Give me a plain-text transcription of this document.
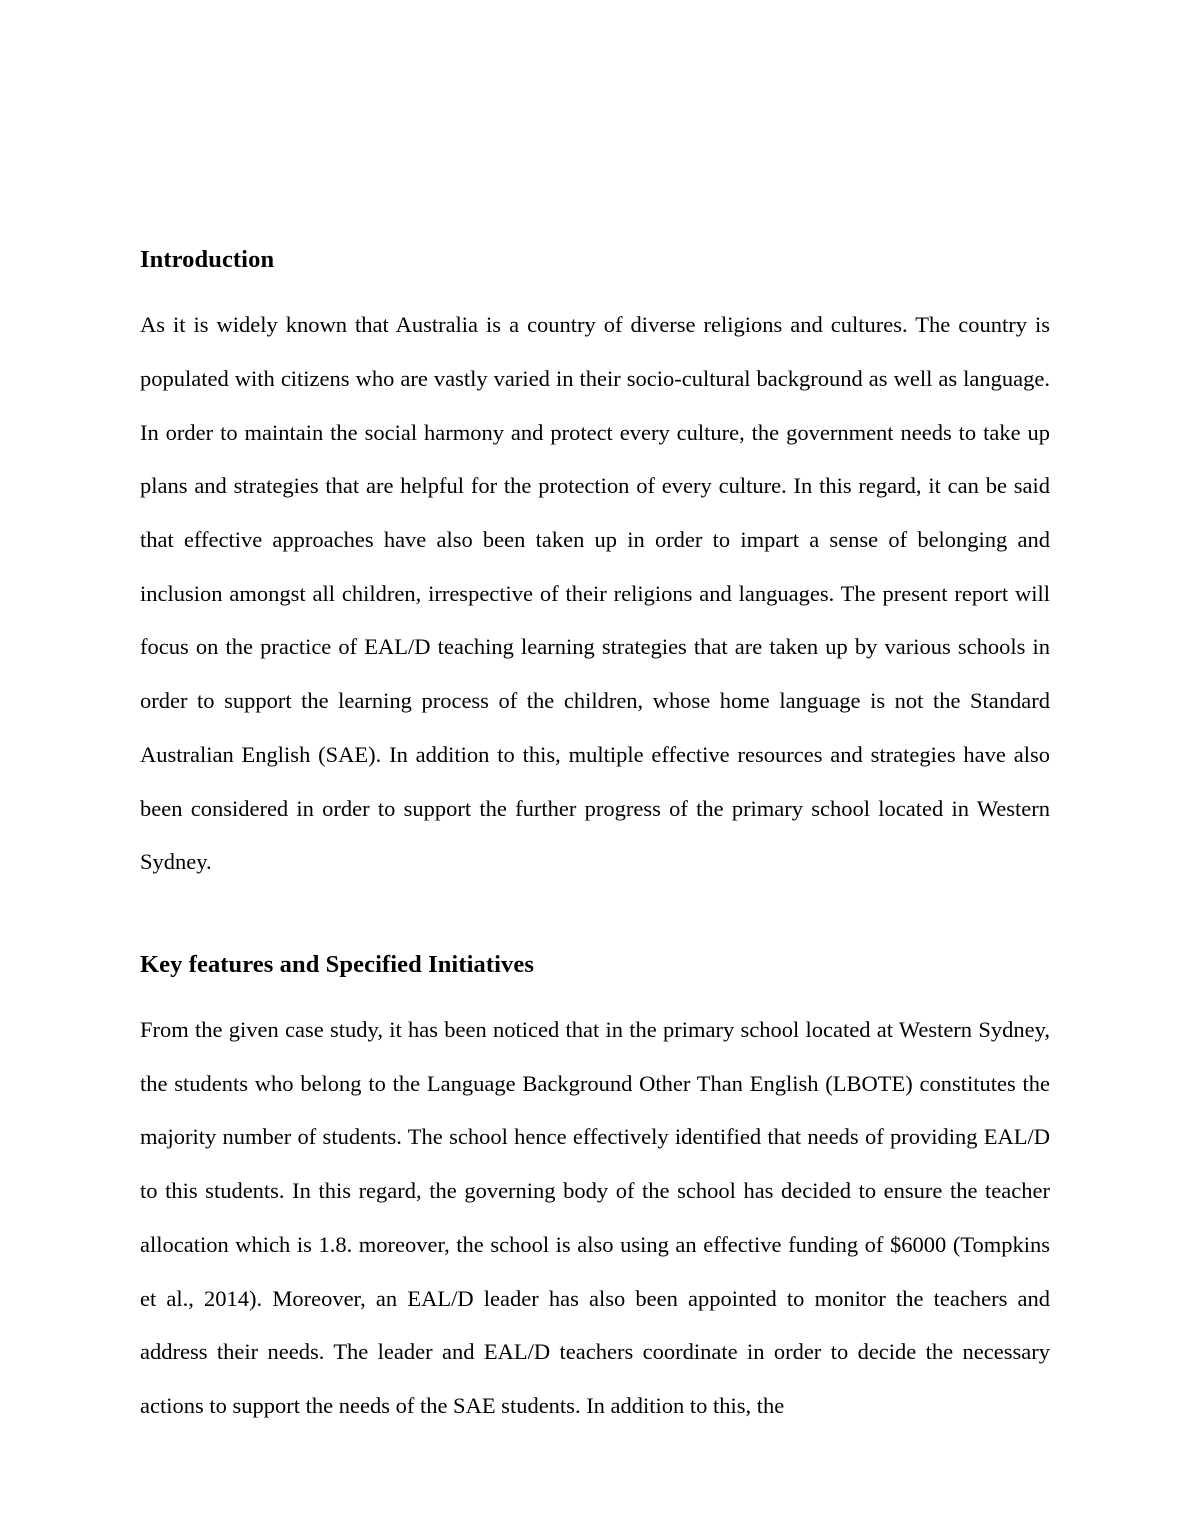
Introduction

As it is widely known that Australia is a country of diverse religions and cultures. The country is populated with citizens who are vastly varied in their socio-cultural background as well as language. In order to maintain the social harmony and protect every culture, the government needs to take up plans and strategies that are helpful for the protection of every culture. In this regard, it can be said that effective approaches have also been taken up in order to impart a sense of belonging and inclusion amongst all children, irrespective of their religions and languages. The present report will focus on the practice of EAL/D teaching learning strategies that are taken up by various schools in order to support the learning process of the children, whose home language is not the Standard Australian English (SAE). In addition to this, multiple effective resources and strategies have also been considered in order to support the further progress of the primary school located in Western Sydney.

Key features and Specified Initiatives

From the given case study, it has been noticed that in the primary school located at Western Sydney, the students who belong to the Language Background Other Than English (LBOTE) constitutes the majority number of students. The school hence effectively identified that needs of providing EAL/D to this students. In this regard, the governing body of the school has decided to ensure the teacher allocation which is 1.8. moreover, the school is also using an effective funding of $6000 (Tompkins et al., 2014). Moreover, an EAL/D leader has also been appointed to monitor the teachers and address their needs. The leader and EAL/D teachers coordinate in order to decide the necessary actions to support the needs of the SAE students. In addition to this, the
